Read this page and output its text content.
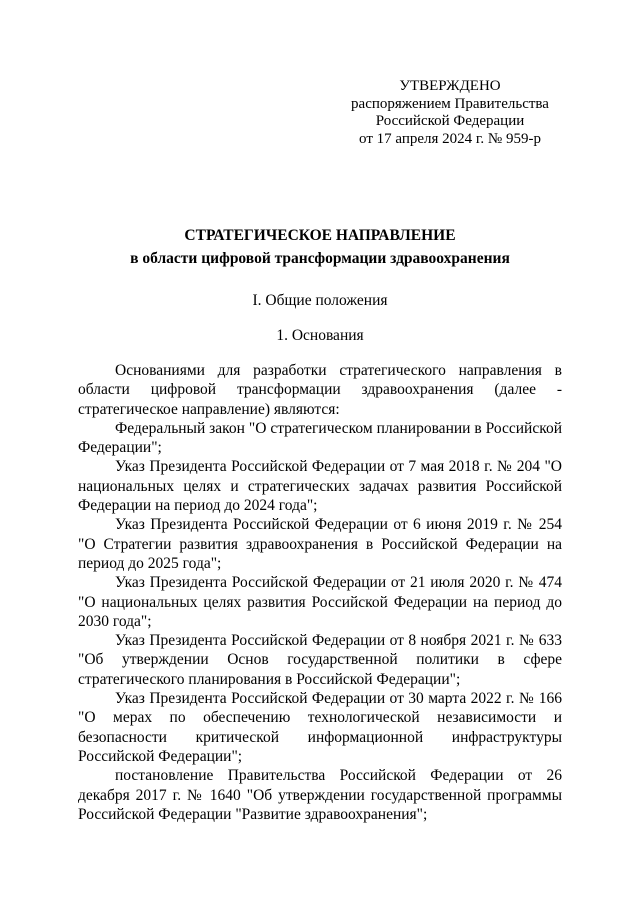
УТВЕРЖДЕНО
распоряжением Правительства
Российской Федерации
от 17 апреля 2024 г. № 959-р
СТРАТЕГИЧЕСКОЕ НАПРАВЛЕНИЕ
в области цифровой трансформации здравоохранения
I. Общие положения
1. Основания

Основаниями для разработки стратегического направления в области цифровой трансформации здравоохранения (далее - стратегическое направление) являются:

Федеральный закон "О стратегическом планировании в Российской Федерации";

Указ Президента Российской Федерации от 7 мая 2018 г. № 204 "О национальных целях и стратегических задачах развития Российской Федерации на период до 2024 года";

Указ Президента Российской Федерации от 6 июня 2019 г. № 254 "О Стратегии развития здравоохранения в Российской Федерации на период до 2025 года";

Указ Президента Российской Федерации от 21 июля 2020 г. № 474 "О национальных целях развития Российской Федерации на период до 2030 года";

Указ Президента Российской Федерации от 8 ноября 2021 г. № 633 "Об утверждении Основ государственной политики в сфере стратегического планирования в Российской Федерации";

Указ Президента Российской Федерации от 30 марта 2022 г. № 166 "О мерах по обеспечению технологической независимости и безопасности критической информационной инфраструктуры Российской Федерации";

постановление Правительства Российской Федерации от 26 декабря 2017 г. № 1640 "Об утверждении государственной программы Российской Федерации "Развитие здравоохранения";
